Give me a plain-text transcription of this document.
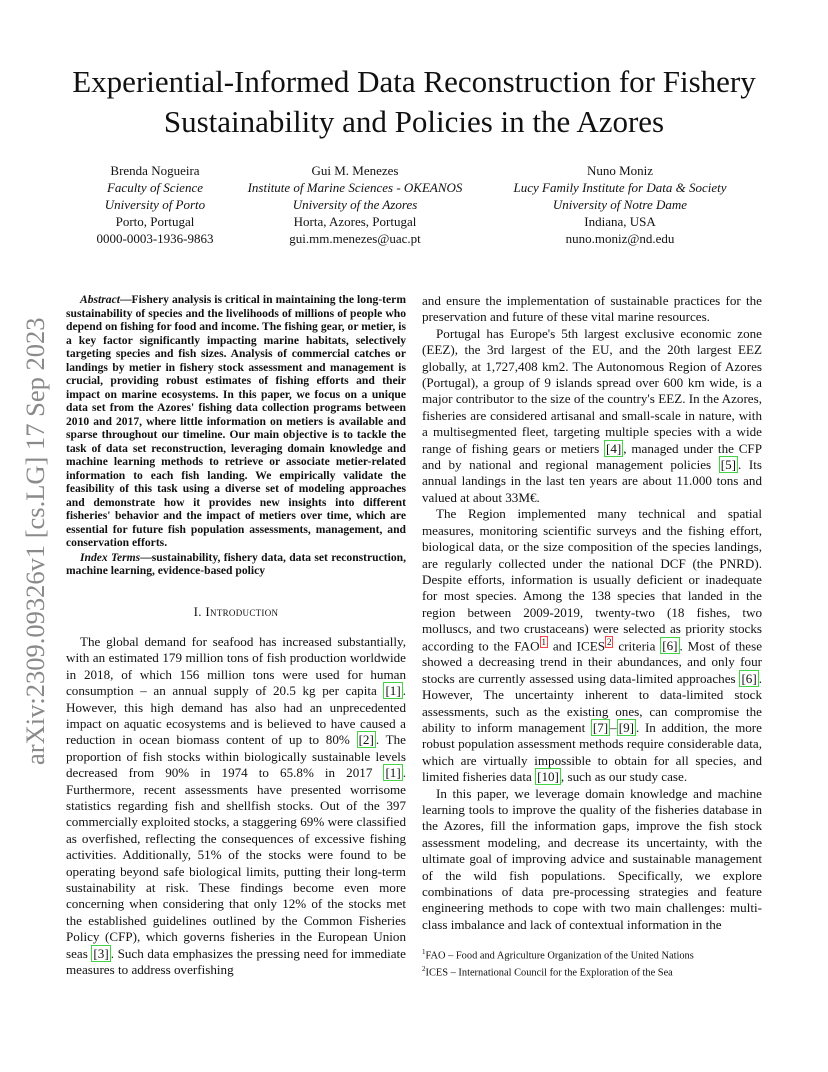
arXiv:2309.09326v1 [cs.LG] 17 Sep 2023
Experiential-Informed Data Reconstruction for Fishery Sustainability and Policies in the Azores
Brenda Nogueira
Faculty of Science
University of Porto
Porto, Portugal
0000-0003-1936-9863
Gui M. Menezes
Institute of Marine Sciences - OKEANOS
University of the Azores
Horta, Azores, Portugal
gui.mm.menezes@uac.pt
Nuno Moniz
Lucy Family Institute for Data & Society
University of Notre Dame
Indiana, USA
nuno.moniz@nd.edu

Abstract—Fishery analysis is critical in maintaining the long-term sustainability of species and the livelihoods of millions of people who depend on fishing for food and income. The fishing gear, or metier, is a key factor significantly impacting marine habitats, selectively targeting species and fish sizes. Analysis of commercial catches or landings by metier in fishery stock assessment and management is crucial, providing robust estimates of fishing efforts and their impact on marine ecosystems. In this paper, we focus on a unique data set from the Azores' fishing data collection programs between 2010 and 2017, where little information on metiers is available and sparse throughout our timeline. Our main objective is to tackle the task of data set reconstruction, leveraging domain knowledge and machine learning methods to retrieve or associate metier-related information to each fish landing. We empirically validate the feasibility of this task using a diverse set of modeling approaches and demonstrate how it provides new insights into different fisheries' behavior and the impact of metiers over time, which are essential for future fish population assessments, management, and conservation efforts.

Index Terms—sustainability, fishery data, data set reconstruction, machine learning, evidence-based policy

I. Introduction

The global demand for seafood has increased substantially, with an estimated 179 million tons of fish production worldwide in 2018, of which 156 million tons were used for human consumption – an annual supply of 20.5 kg per capita [1] . However, this high demand has also had an unprecedented impact on aquatic ecosystems and is believed to have caused a reduction in ocean biomass content of up to 80% [2] . The proportion of fish stocks within biologically sustainable levels decreased from 90% in 1974 to 65.8% in 2017 [1] . Furthermore, recent assessments have presented worrisome statistics regarding fish and shellfish stocks. Out of the 397 commercially exploited stocks, a staggering 69% were classified as overfished, reflecting the consequences of excessive fishing activities. Additionally, 51% of the stocks were found to be operating beyond safe biological limits, putting their long-term sustainability at risk. These findings become even more concerning when considering that only 12% of the stocks met the established guidelines outlined by the Common Fisheries Policy (CFP), which governs fisheries in the European Union seas [3] . Such data emphasizes the pressing need for immediate measures to address overfishing

and ensure the implementation of sustainable practices for the preservation and future of these vital marine resources.

Portugal has Europe's 5th largest exclusive economic zone (EEZ), the 3rd largest of the EU, and the 20th largest EEZ globally, at 1,727,408 km2. The Autonomous Region of Azores (Portugal), a group of 9 islands spread over 600 km wide, is a major contributor to the size of the country's EEZ. In the Azores, fisheries are considered artisanal and small-scale in nature, with a multisegmented fleet, targeting multiple species with a wide range of fishing gears or metiers [4] , managed under the CFP and by national and regional management policies [5] . Its annual landings in the last ten years are about 11.000 tons and valued at about 33M€.

The Region implemented many technical and spatial measures, monitoring scientific surveys and the fishing effort, biological data, or the size composition of the species landings, are regularly collected under the national DCF (the PNRD). Despite efforts, information is usually deficient or inadequate for most species. Among the 138 species that landed in the region between 2009-2019, twenty-two (18 fishes, two molluscs, and two crustaceans) were selected as priority stocks according to the FAO $^1$ and ICES $^2$ criteria [6] . Most of these showed a decreasing trend in their abundances, and only four stocks are currently assessed using data-limited approaches [6] . However, The uncertainty inherent to data-limited stock assessments, such as the existing ones, can compromise the ability to inform management [7] – [9] . In addition, the more robust population assessment methods require considerable data, which are virtually impossible to obtain for all species, and limited fisheries data [10] , such as our study case.

In this paper, we leverage domain knowledge and machine learning tools to improve the quality of the fisheries database in the Azores, fill the information gaps, improve the fish stock assessment modeling, and decrease its uncertainty, with the ultimate goal of improving advice and sustainable management of the wild fish populations. Specifically, we explore combinations of data pre-processing strategies and feature engineering methods to cope with two main challenges: multi-class imbalance and lack of contextual information in the

$^1$FAO – Food and Agriculture Organization of the United Nations
$^2$ICES – International Council for the Exploration of the Sea
